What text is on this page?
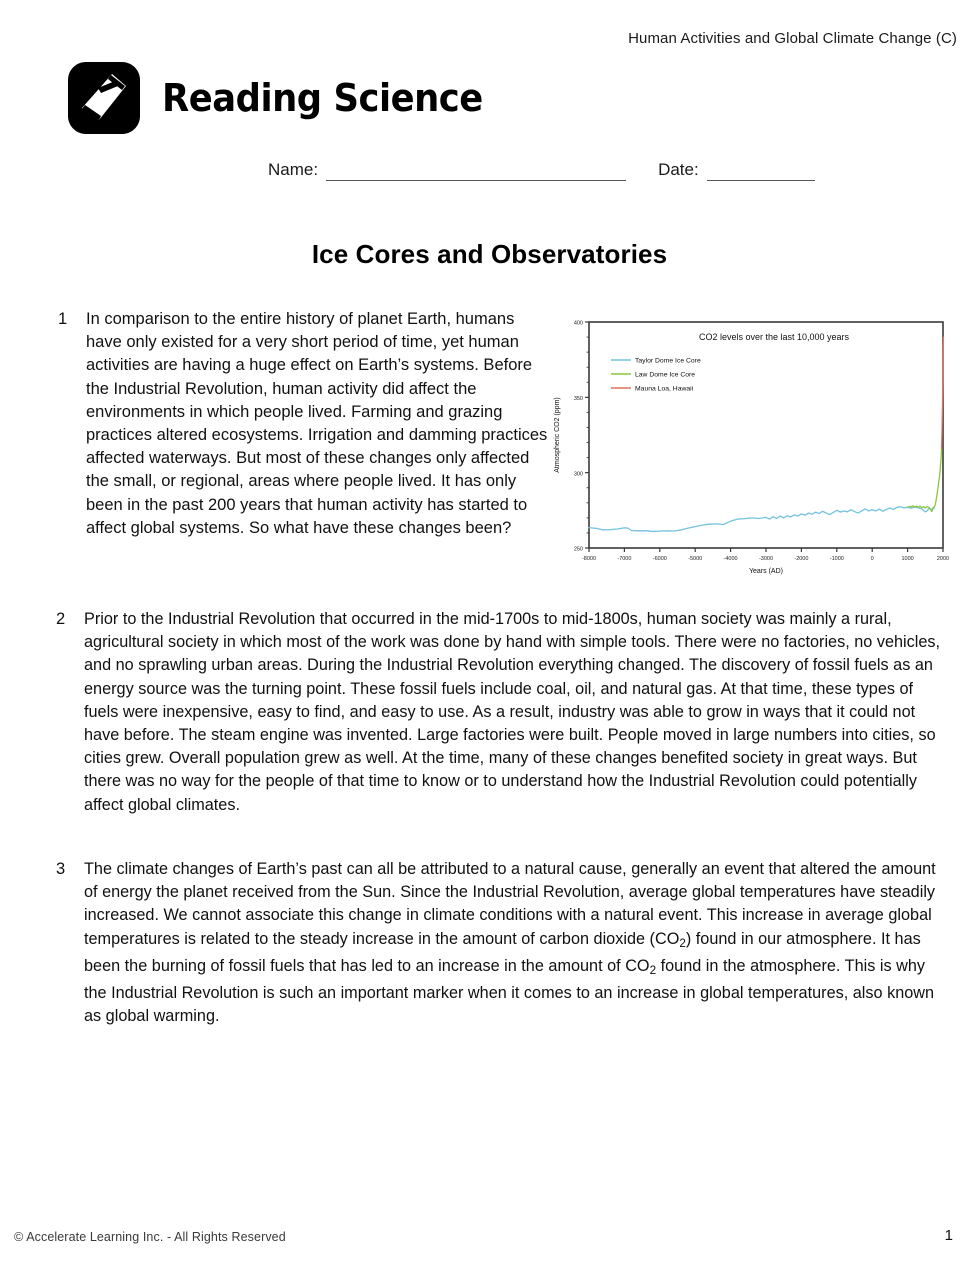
Human Activities and Global Climate Change (C)
Reading Science
Name:	Date:
Ice Cores and Observatories
1	In comparison to the entire history of planet Earth, humans have only existed for a very short period of time, yet human activities are having a huge effect on Earth’s systems. Before the Industrial Revolution, human activity did affect the environments in which people lived. Farming and grazing practices altered ecosystems. Irrigation and damming practices affected waterways. But most of these changes only affected the small, or regional, areas where people lived. It has only been in the past 200 years that human activity has started to affect global systems. So what have these changes been?
2	Prior to the Industrial Revolution that occurred in the mid-1700s to mid-1800s, human society was mainly a rural, agricultural society in which most of the work was done by hand with simple tools. There were no factories, no vehicles, and no sprawling urban areas. During the Industrial Revolution everything changed. The discovery of fossil fuels as an energy source was the turning point. These fossil fuels include coal, oil, and natural gas. At that time, these types of fuels were inexpensive, easy to find, and easy to use. As a result, industry was able to grow in ways that it could not have before. The steam engine was invented. Large factories were built. People moved in large numbers into cities, so cities grew. Overall population grew as well. At the time, many of these changes benefited society in great ways. But there was no way for the people of that time to know or to understand how the Industrial Revolution could potentially affect global climates.
3	The climate changes of Earth’s past can all be attributed to a natural cause, generally an event that altered the amount of energy the planet received from the Sun. Since the Industrial Revolution, average global temperatures have steadily increased. We cannot associate this change in climate conditions with a natural event. This increase in average global temperatures is related to the steady increase in the amount of carbon dioxide $(CO_2)$ found in our atmosphere. It has been the burning of fossil fuels that has led to an increase in the amount of $CO_2$ found in the atmosphere. This is why the Industrial Revolution is such an important marker when it comes to an increase in global temperatures, also known as global warming.
250
300
350
400
-8000	-7000	-6000	-5000	-4000	-3000	-2000	-1000	0	1000	2000
CO2 levels over the last 10,000 years
Atmospheric CO2 (ppm)
Years (AD)
Taylor Dome Ice Core
Law Dome Ice Core
Mauna Loa, Hawaii
© Accelerate Learning Inc. - All Rights Reserved	1
